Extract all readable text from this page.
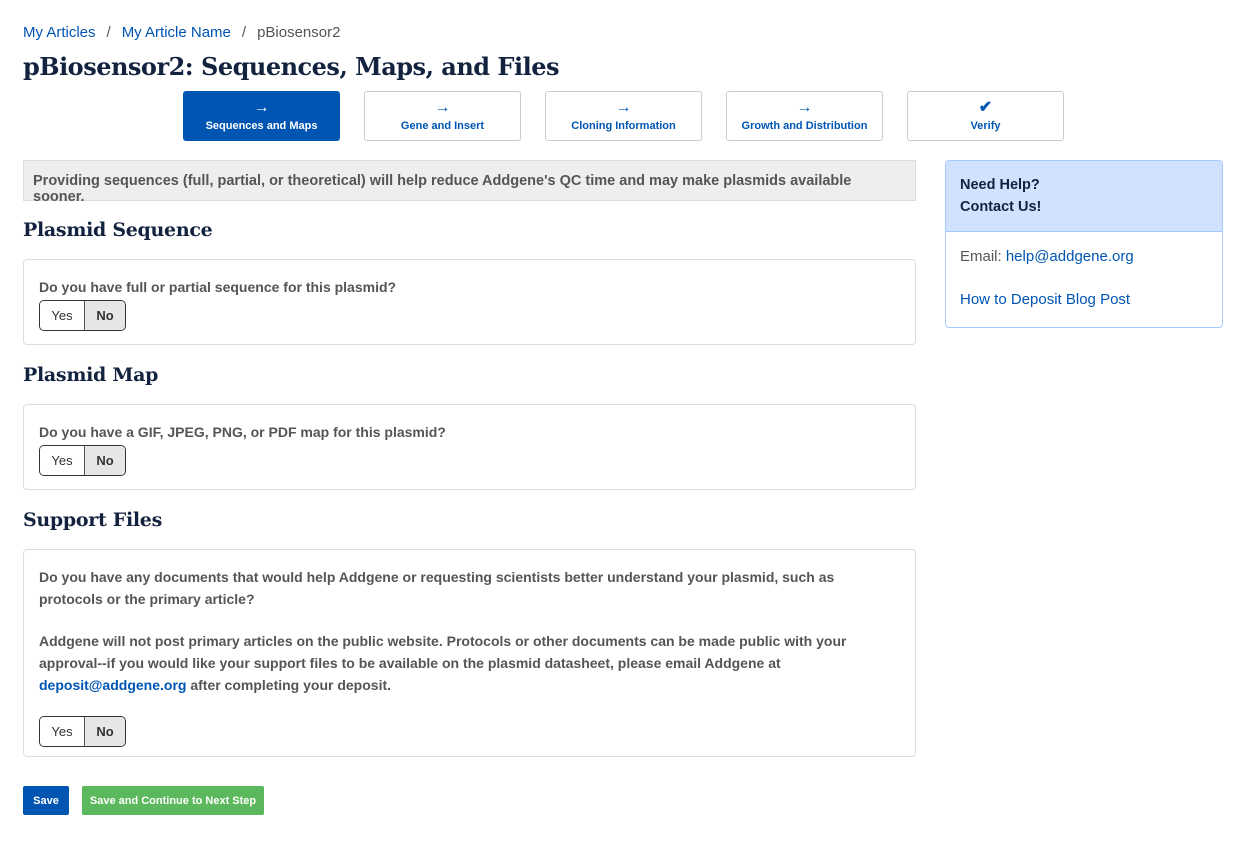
My Articles / My Article Name / pBiosensor2
pBiosensor2: Sequences, Maps, and Files
→
Sequences and Maps
→
Gene and Insert
→
Cloning Information
→
Growth and Distribution
✔
Verify
Providing sequences (full, partial, or theoretical) will help reduce Addgene's QC time and may make plasmids available sooner.
Plasmid Sequence
Do you have full or partial sequence for this plasmid?
Yes	No
Plasmid Map
Do you have a GIF, JPEG, PNG, or PDF map for this plasmid?
Yes	No
Support Files
Do you have any documents that would help Addgene or requesting scientists better understand your plasmid, such as protocols or the primary article?
Addgene will not post primary articles on the public website. Protocols or other documents can be made public with your approval--if you would like your support files to be available on the plasmid datasheet, please email Addgene at deposit@addgene.org after completing your deposit.
Yes	No
Need Help?
Contact Us!
Email: help@addgene.org
How to Deposit Blog Post
Save	Save and Continue to Next Step
